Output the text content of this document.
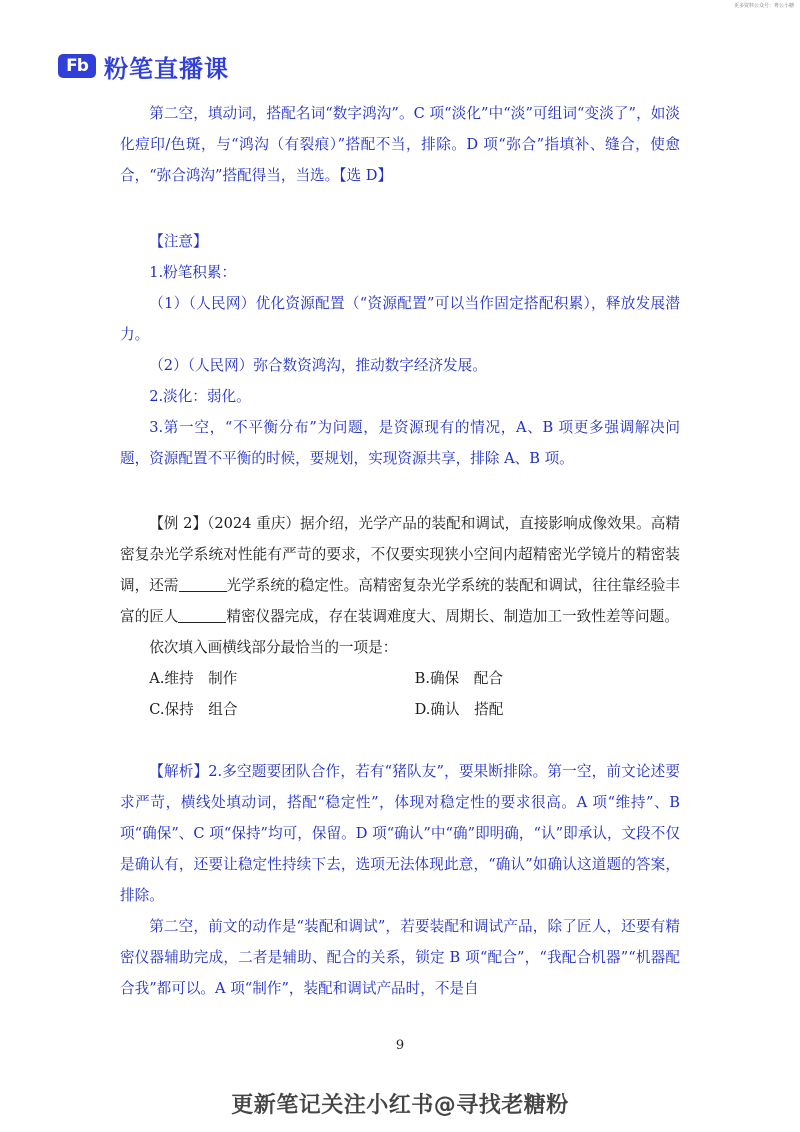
更多资料公众号：粤公小糖
Fb 粉笔直播课

第二空，填动词，搭配名词“数字鸿沟”。C 项“淡化”中“淡”可组词“变淡了”，如淡化痘印/色斑，与“鸿沟（有裂痕）”搭配不当，排除。D 项“弥合”指填补、缝合，使愈合，“弥合鸿沟”搭配得当，当选。【选 D】

【注意】

1.粉笔积累：

（1）（人民网）优化资源配置（“资源配置”可以当作固定搭配积累），释放发展潜力。

（2）（人民网）弥合数资鸿沟，推动数字经济发展。

2.淡化：弱化。

3.第一空，“不平衡分布”为问题，是资源现有的情况，A、B 项更多强调解决问题，资源配置不平衡的时候，要规划，实现资源共享，排除 A、B 项。

【例 2】（2024 重庆）据介绍，光学产品的装配和调试，直接影响成像效果。高精密复杂光学系统对性能有严苛的要求，不仅要实现狭小空间内超精密光学镜片的精密装调，还需	光学系统的稳定性。高精密复杂光学系统的装配和调试，往往靠经验丰富的匠人	精密仪器完成，存在装调难度大、周期长、制造加工一致性差等问题。

依次填入画横线部分最恰当的一项是：

A.维持　制作	B.确保　配合
C.保持　组合	D.确认　搭配

【解析】2.多空题要团队合作，若有“猪队友”，要果断排除。第一空，前文论述要求严苛，横线处填动词，搭配“稳定性”，体现对稳定性的要求很高。A 项“维持”、B 项“确保”、C 项“保持”均可，保留。D 项“确认”中“确”即明确，“认”即承认，文段不仅是确认有，还要让稳定性持续下去，选项无法体现此意，“确认”如确认这道题的答案，排除。

第二空，前文的动作是“装配和调试”，若要装配和调试产品，除了匠人，还要有精密仪器辅助完成，二者是辅助、配合的关系，锁定 B 项“配合”，“我配合机器”“机器配合我”都可以。A 项“制作”，装配和调试产品时，不是自

9
更新笔记关注小红书@寻找老糖粉
